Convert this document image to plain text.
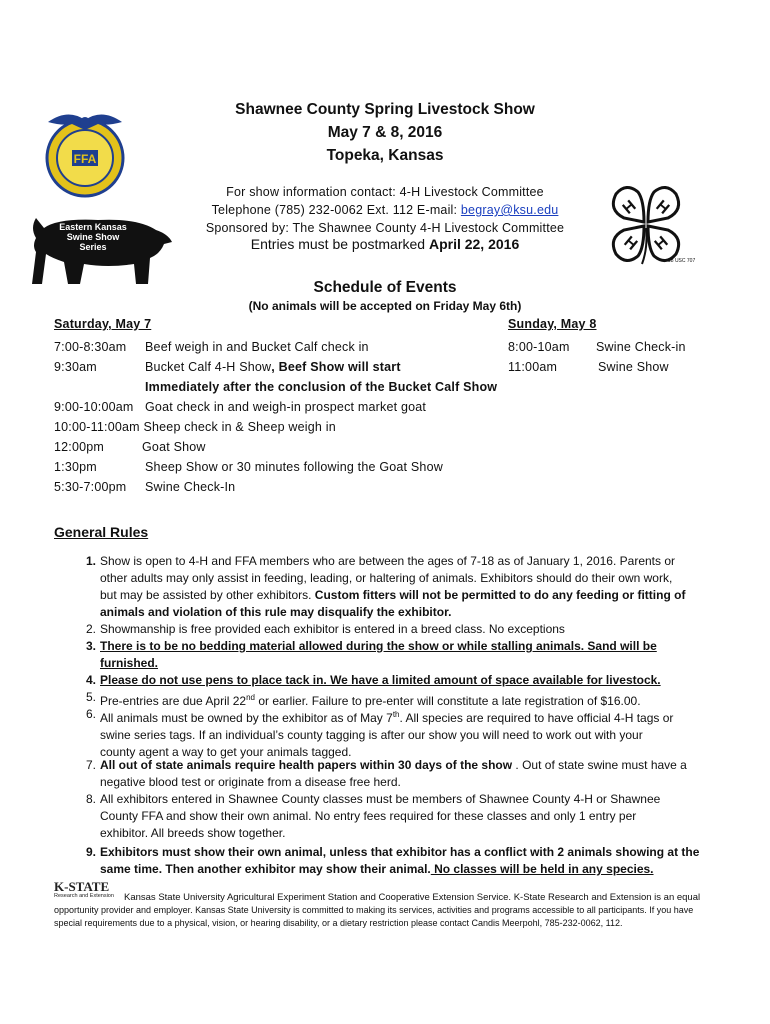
FFA
Eastern Kansas
Swine Show
Series
H H
H H
18 USC 707
Shawnee County Spring Livestock Show
May 7 & 8, 2016
Topeka, Kansas
For show information contact: 4-H Livestock Committee
Telephone (785) 232-0062 Ext. 112 E-mail: begray@ksu.edu
Sponsored by: The Shawnee County 4-H Livestock Committee
Entries must be postmarked April 22, 2016
Schedule of Events
(No animals will be accepted on Friday May 6th)
Saturday, May 7	Sunday, May 8
7:00-8:30am Beef weigh in and Bucket Calf check in
9:30am	Bucket Calf 4-H Show, Beef Show will start
Immediately after the conclusion of the Bucket Calf Show
9:00-10:00am Goat check in and weigh-in prospect market goat
10:00-11:00am Sheep check in & Sheep weigh in
12:00pm	Goat Show
1:30pm	Sheep Show or 30 minutes following the Goat Show
5:30-7:00pm Swine Check-In
8:00-10am Swine Check-in
11:00am	Swine Show
General Rules
1. Show is open to 4-H and FFA members who are between the ages of 7-18 as of January 1, 2016. Parents or
other adults may only assist in feeding, leading, or haltering of animals. Exhibitors should do their own work,
but may be assisted by other exhibitors. Custom fitters will not be permitted to do any feeding or fitting of
animals and violation of this rule may disqualify the exhibitor.
2. Showmanship is free provided each exhibitor is entered in a breed class. No exceptions
3. There is to be no bedding material allowed during the show or while stalling animals. Sand will be
furnished.
4. Please do not use pens to place tack in. We have a limited amount of space available for livestock.
5. Pre-entries are due April 22nd or earlier. Failure to pre-enter will constitute a late registration of $16.00.
6. All animals must be owned by the exhibitor as of May 7th. All species are required to have official 4-H tags or
swine series tags. If an individual’s county tagging is after our show you will need to work out with your
county agent a way to get your animals tagged.
7. All out of state animals require health papers within 30 days of the show . Out of state swine must have a
negative blood test or originate from a disease free herd.
8. All exhibitors entered in Shawnee County classes must be members of Shawnee County 4-H or Shawnee
County FFA and show their own animal. No entry fees required for these classes and only 1 entry per
exhibitor. All breeds show together.
9. Exhibitors must show their own animal, unless that exhibitor has a conflict with 2 animals showing at the
same time. Then another exhibitor may show their animal. No classes will be held in any species.
K-STATE
Research and Extension Kansas State University Agricultural Experiment Station and Cooperative Extension Service. K-State Research and Extension is an equal
opportunity provider and employer. Kansas State University is committed to making its services, activities and programs accessible to all participants. If you have
special requirements due to a physical, vision, or hearing disability, or a dietary restriction please contact Candis Meerpohl, 785-232-0062, 112.
